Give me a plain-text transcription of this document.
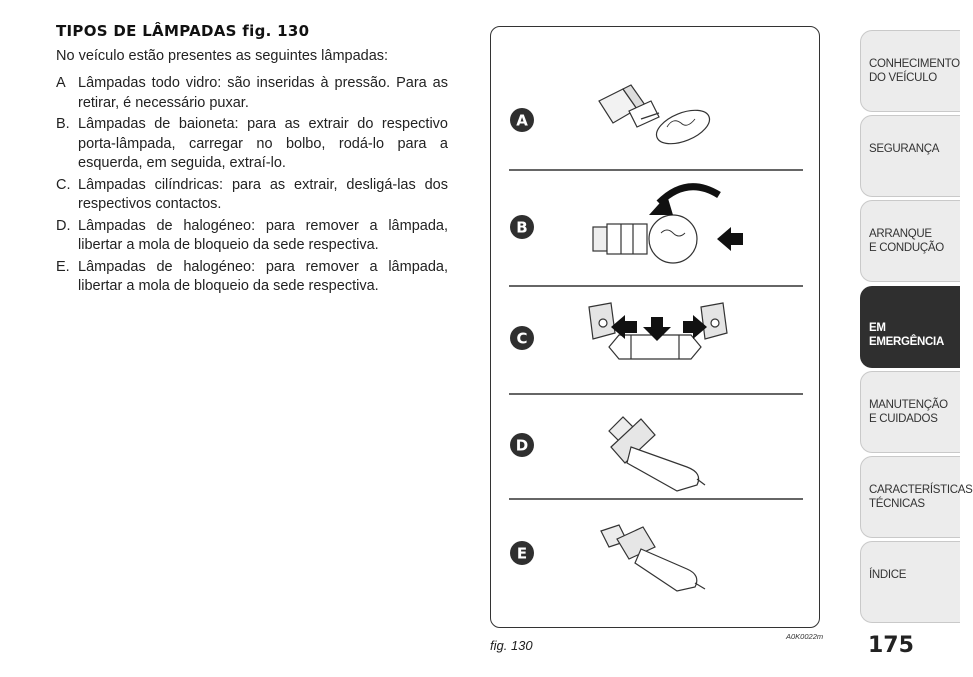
TIPOS DE LÂMPADAS fig. 130

No veículo estão presentes as seguintes lâmpadas:

A Lâmpadas todo vidro: são inseridas à pressão. Para as retirar, é necessário puxar.
B. Lâmpadas de baioneta: para as extrair do respectivo porta-lâmpada, carregar no bolbo, rodá-lo para a esquerda, em seguida, extraí-lo.
C. Lâmpadas cilíndricas: para as extrair, desligá-las dos respectivos contactos.
D. Lâmpadas de halogéneo: para remover a lâmpada, libertar a mola de bloqueio da sede respectiva.
E. Lâmpadas de halogéneo: para remover a lâmpada, libertar a mola de bloqueio da sede respectiva.
A
B
C
D
E
fig. 130
A0K0022m 175
CONHECIMENTO
DO VEÍCULO
SEGURANÇA
ARRANQUE
E CONDUÇÃO
EM EMERGÊNCIA
MANUTENÇÃO
E CUIDADOS
CARACTERÍSTICAS
TÉCNICAS
ÍNDICE
